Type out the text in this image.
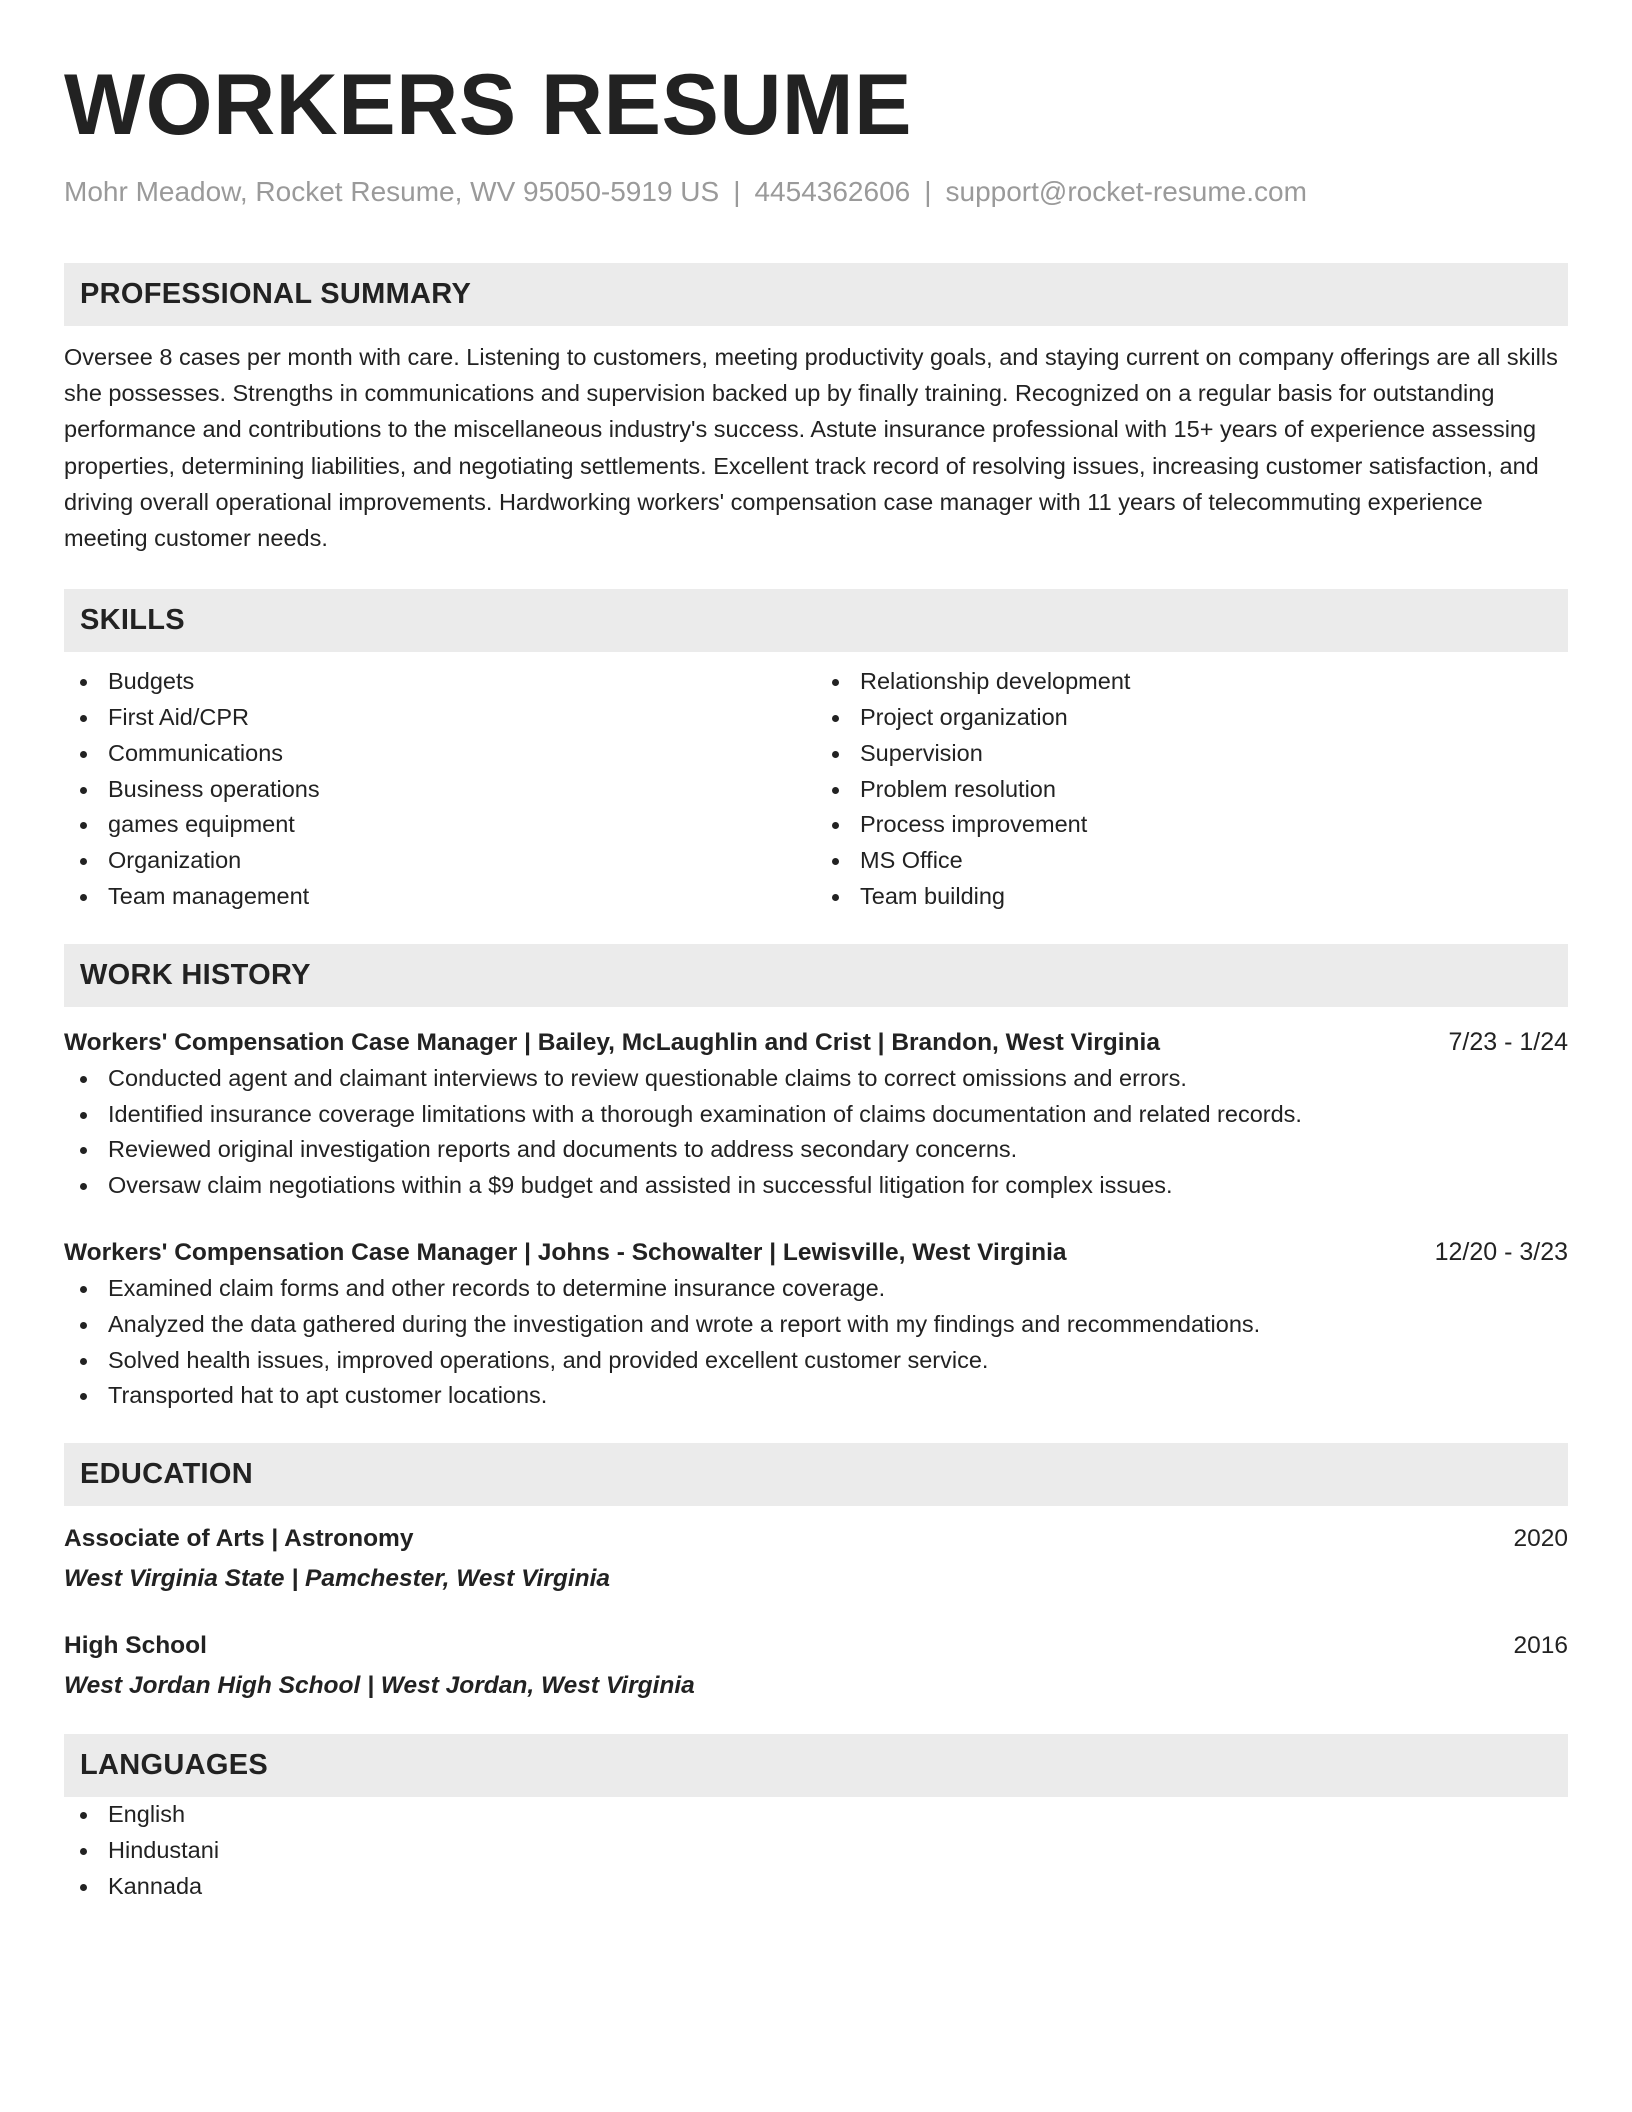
WORKERS RESUME
Mohr Meadow, Rocket Resume, WV 95050-5919 US | 4454362606 | support@rocket-resume.com
PROFESSIONAL SUMMARY

Oversee 8 cases per month with care. Listening to customers, meeting productivity goals, and staying current on company offerings are all skills she possesses. Strengths in communications and supervision backed up by finally training. Recognized on a regular basis for outstanding performance and contributions to the miscellaneous industry's success. Astute insurance professional with 15+ years of experience assessing properties, determining liabilities, and negotiating settlements. Excellent track record of resolving issues, increasing customer satisfaction, and driving overall operational improvements. Hardworking workers' compensation case manager with 11 years of telecommuting experience meeting customer needs.

SKILLS
Budgets
First Aid/CPR
Communications
Business operations
games equipment
Organization
Team management
Relationship development
Project organization
Supervision
Problem resolution
Process improvement
MS Office
Team building
WORK HISTORY
Workers' Compensation Case Manager | Bailey, McLaughlin and Crist | Brandon, West Virginia	7/23 - 1/24
Conducted agent and claimant interviews to review questionable claims to correct omissions and errors.
Identified insurance coverage limitations with a thorough examination of claims documentation and related records.
Reviewed original investigation reports and documents to address secondary concerns.
Oversaw claim negotiations within a $9 budget and assisted in successful litigation for complex issues.
Workers' Compensation Case Manager | Johns - Schowalter | Lewisville, West Virginia	12/20 - 3/23
Examined claim forms and other records to determine insurance coverage.
Analyzed the data gathered during the investigation and wrote a report with my findings and recommendations.
Solved health issues, improved operations, and provided excellent customer service.
Transported hat to apt customer locations.
EDUCATION
Associate of Arts | Astronomy	2020
West Virginia State | Pamchester, West Virginia
High School	2016
West Jordan High School | West Jordan, West Virginia
LANGUAGES
English
Hindustani
Kannada
